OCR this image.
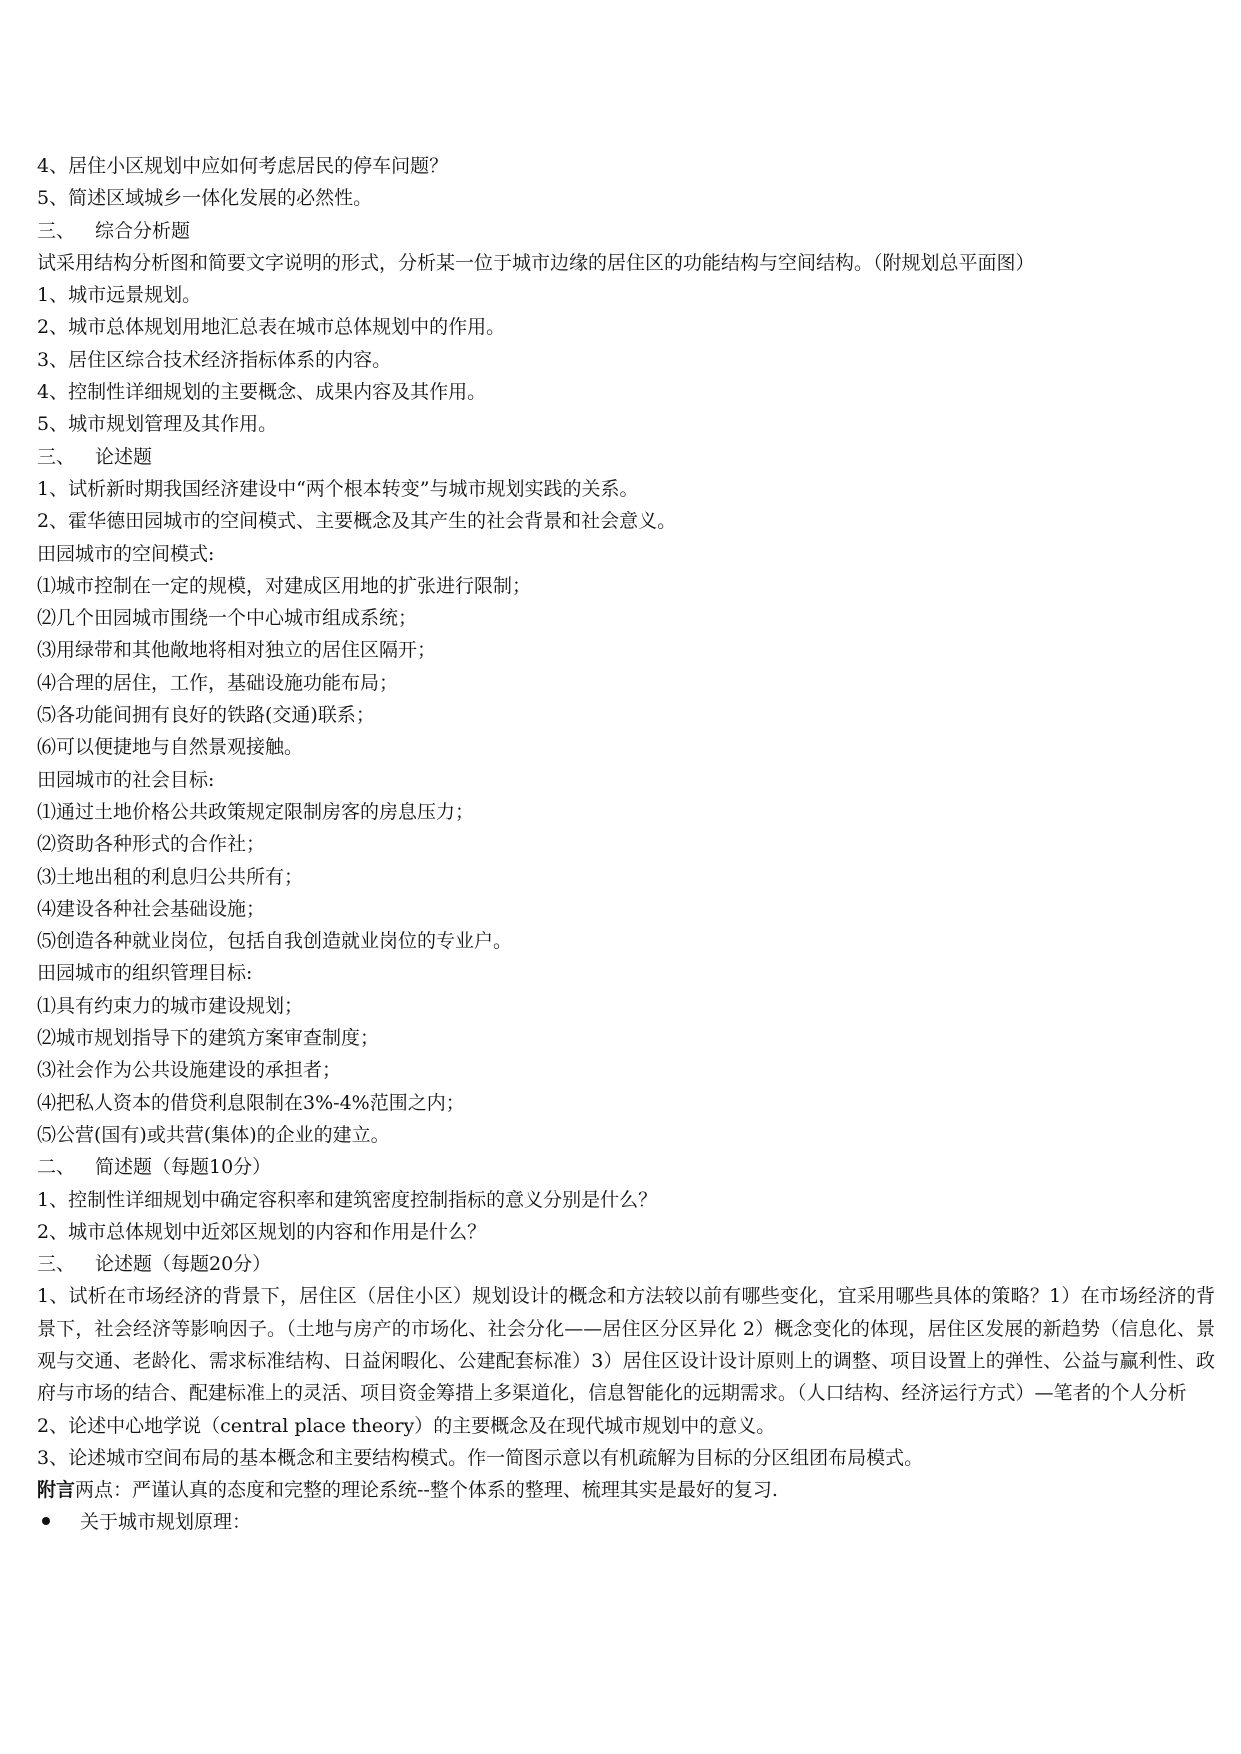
4、居住小区规划中应如何考虑居民的停车问题？
5、简述区域城乡一体化发展的必然性。
三、 综合分析题
试采用结构分析图和简要文字说明的形式，分析某一位于城市边缘的居住区的功能结构与空间结构。（附规划总平面图）
1、城市远景规划。
2、城市总体规划用地汇总表在城市总体规划中的作用。
3、居住区综合技术经济指标体系的内容。
4、控制性详细规划的主要概念、成果内容及其作用。
5、城市规划管理及其作用。
三、 论述题
1、试析新时期我国经济建设中“两个根本转变”与城市规划实践的关系。
2、霍华德田园城市的空间模式、主要概念及其产生的社会背景和社会意义。
田园城市的空间模式:
⑴城市控制在一定的规模，对建成区用地的扩张进行限制；
⑵几个田园城市围绕一个中心城市组成系统；
⑶用绿带和其他敞地将相对独立的居住区隔开；
⑷合理的居住，工作，基础设施功能布局；
⑸各功能间拥有良好的铁路(交通)联系；
⑹可以便捷地与自然景观接触。
田园城市的社会目标:
⑴通过土地价格公共政策规定限制房客的房息压力；
⑵资助各种形式的合作社；
⑶土地出租的利息归公共所有；
⑷建设各种社会基础设施；
⑸创造各种就业岗位，包括自我创造就业岗位的专业户。
田园城市的组织管理目标:
⑴具有约束力的城市建设规划；
⑵城市规划指导下的建筑方案审查制度；
⑶社会作为公共设施建设的承担者；
⑷把私人资本的借贷利息限制在3%-4%范围之内；
⑸公营(国有)或共营(集体)的企业的建立。
二、 简述题（每题10分）
1、控制性详细规划中确定容积率和建筑密度控制指标的意义分别是什么？
2、城市总体规划中近郊区规划的内容和作用是什么？
三、 论述题（每题20分）
1、试析在市场经济的背景下，居住区（居住小区）规划设计的概念和方法较以前有哪些变化，宜采用哪些具体的策略？1）在市场经济的背景下，社会经济等影响因子。（土地与房产的市场化、社会分化——居住区分区异化 2）概念变化的体现，居住区发展的新趋势（信息化、景观与交通、老龄化、需求标准结构、日益闲暇化、公建配套标准）3）居住区设计设计原则上的调整、项目设置上的弹性、公益与赢利性、政府与市场的结合、配建标准上的灵活、项目资金筹措上多渠道化，信息智能化的远期需求。（人口结构、经济运行方式）—笔者的个人分析
2、论述中心地学说（central place theory）的主要概念及在现代城市规划中的意义。
3、论述城市空间布局的基本概念和主要结构模式。作一简图示意以有机疏解为目标的分区组团布局模式。
附言两点：严谨认真的态度和完整的理论系统--整个体系的整理、梳理其实是最好的复习.
关于城市规划原理：
